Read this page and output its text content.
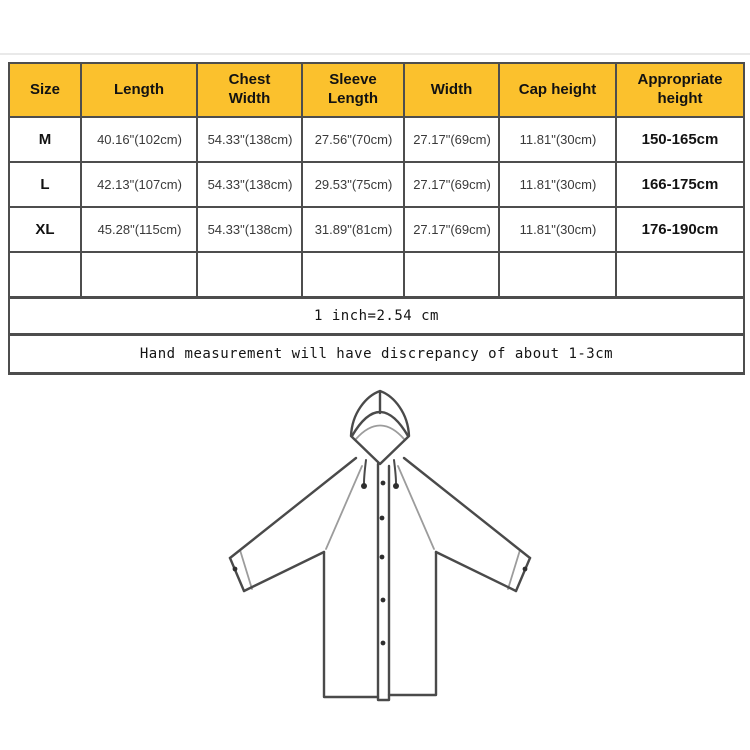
Size	Length	Chest Width	Sleeve Length	Width	Cap height	Appropriate height
M	40.16"(102cm)	54.33"(138cm)	27.56"(70cm)	27.17"(69cm)	11.81"(30cm)	150-165cm
L	42.13"(107cm)	54.33"(138cm)	29.53"(75cm)	27.17"(69cm)	11.81"(30cm)	166-175cm
XL	45.28"(115cm)	54.33"(138cm)	31.89"(81cm)	27.17"(69cm)	11.81"(30cm)	176-190cm

1 inch=2.54 cm						
Hand measurement will have discrepancy of about 1-3cm						
